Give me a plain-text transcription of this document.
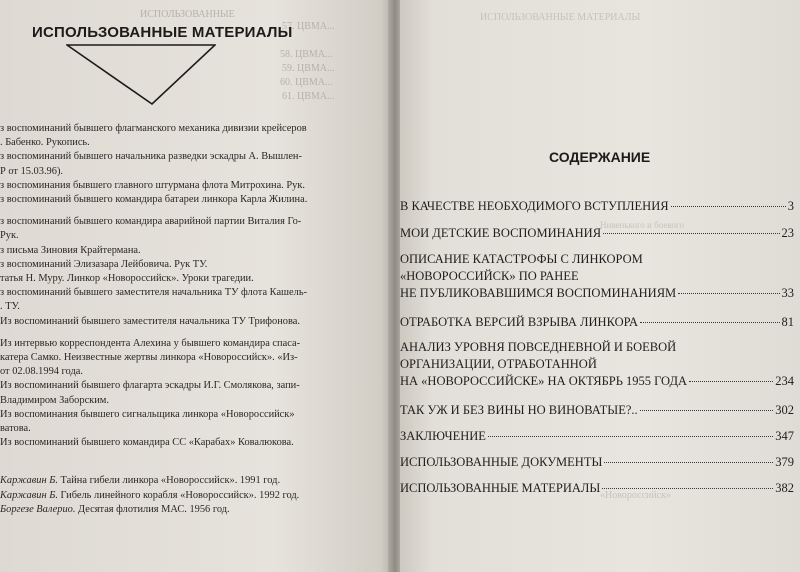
ИСПОЛЬЗОВАННЫЕ
57. ЦВМА...
58. ЦВМА...
59. ЦВМА...
60. ЦВМА...
61. ЦВМА...
ИСПОЛЬЗОВАННЫЕ МАТЕРИАЛЫ
з воспоминаний бывшего флагманского механика дивизии крейсеров
. Бабенко. Рукопись.
з воспоминаний бывшего начальника разведки эскадры А. Вышлен-
Р от 15.03.96).
з воспоминания бывшего главного штурмана флота Митрохина. Рук.
з воспоминаний бывшего командира батареи линкора Карла Жилина.
з воспоминаний бывшего командира аварийной партии Виталия Го-
Рук.
з письма Зиновия Крайтермана.
з воспоминаний Элизазара Лейбовича. Рук ТУ.
татья Н. Муру. Линкор «Новороссийск». Уроки трагедии.
з воспоминаний бывшего заместителя начальника ТУ флота Кашель-
. ТУ.
Из воспоминаний бывшего заместителя начальника ТУ Трифонова.
Из интервью корреспондента Алехина у бывшего командира спаса-
катера Самко. Неизвестные жертвы линкора «Новороссийск». «Из-
от 02.08.1994 года.
Из воспоминаний бывшего флагарта эскадры И.Г. Смолякова, запи-
Владимиром Заборским.
Из воспоминания бывшего сигнальщика линкора «Новороссийск»
ватова.
Из воспоминаний бывшего командира СС «Карабах» Ковалюкова.
Каржавин Б. Тайна гибели линкора «Новороссийск». 1991 год.
Каржавин Б. Гибель линейного корабля «Новороссийск». 1992 год.
Боргезе Валерио. Десятая флотилия МАС. 1956 год.
ИСПОЛЬЗОВАННЫЕ МАТЕРИАЛЫ
Нивенького и боевого
«Новороссийск»
СОДЕРЖАНИЕ
В КАЧЕСТВЕ НЕОБХОДИМОГО ВСТУПЛЕНИЯ	3
МОИ ДЕТСКИЕ ВОСПОМИНАНИЯ	23
ОПИСАНИЕ КАТАСТРОФЫ С ЛИНКОРОМ
«НОВОРОССИЙСК» ПО РАНЕЕ
НЕ ПУБЛИКОВАВШИМСЯ ВОСПОМИНАНИЯМ	33
ОТРАБОТКА ВЕРСИЙ ВЗРЫВА ЛИНКОРА	81
АНАЛИЗ УРОВНЯ ПОВСЕДНЕВНОЙ И БОЕВОЙ
ОРГАНИЗАЦИИ, ОТРАБОТАННОЙ
НА «НОВОРОССИЙСКЕ» НА ОКТЯБРЬ 1955 ГОДА	234
ТАК УЖ И БЕЗ ВИНЫ НО ВИНОВАТЫЕ?..	302
ЗАКЛЮЧЕНИЕ	347
ИСПОЛЬЗОВАННЫЕ ДОКУМЕНТЫ	379
ИСПОЛЬЗОВАННЫЕ МАТЕРИАЛЫ	382
